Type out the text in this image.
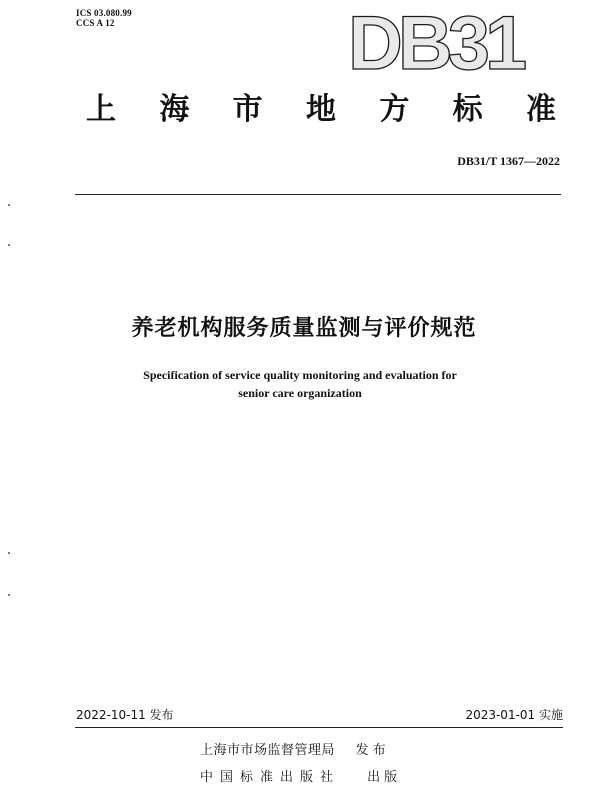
ICS 03.080.99
CCS A 12	DB31
上 海 市 地 方 标 准
DB31/T 1367—2022
养老机构服务质量监测与评价规范
Specification of service quality monitoring and evaluation for
senior care organization
2022-10-11 发布	2023-01-01 实施
上海市市场监督管理局 发布
中国标准出版社 出版
